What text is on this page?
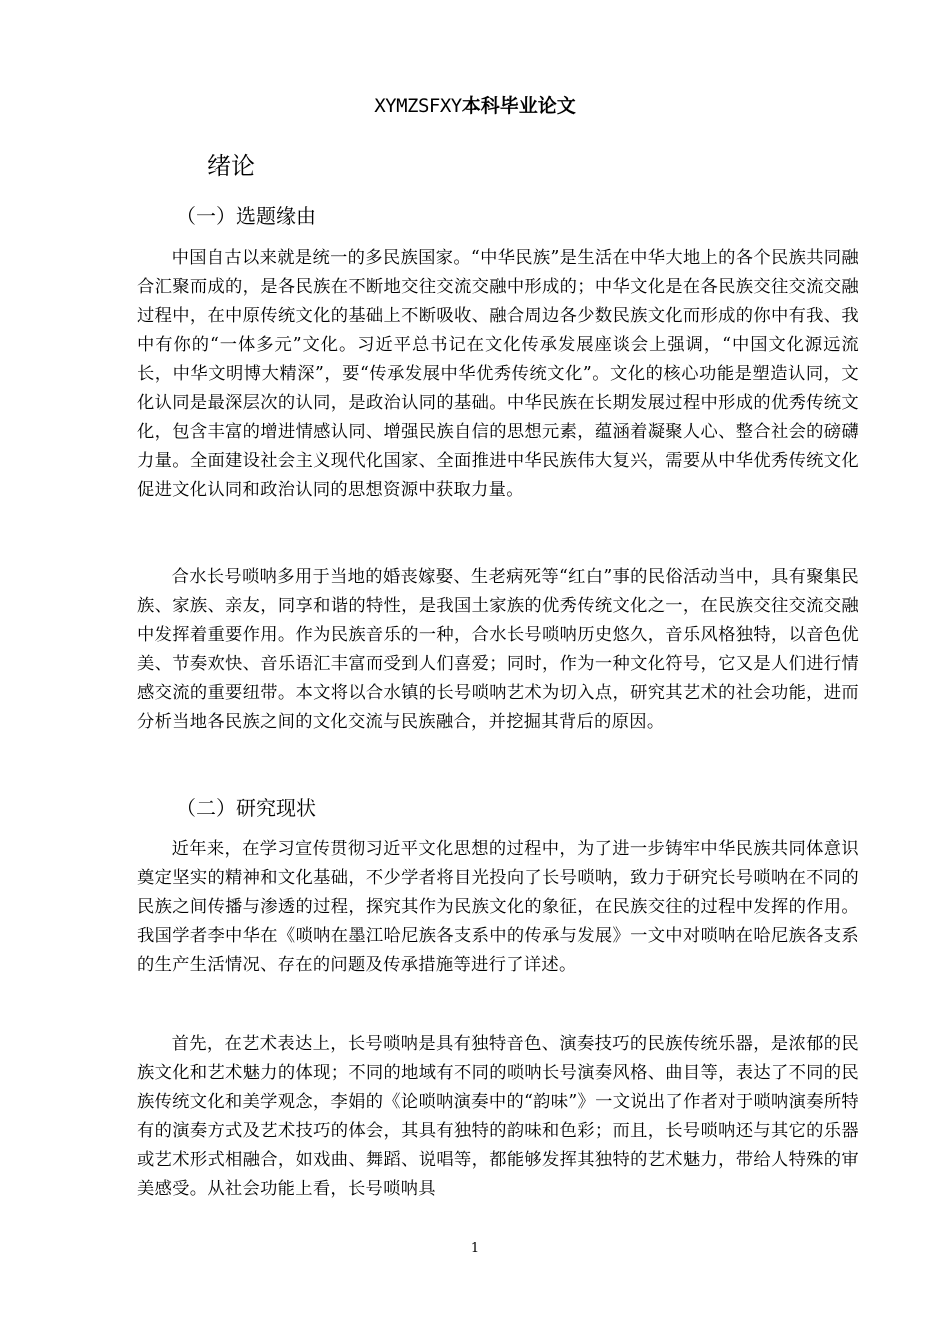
XYMZSFXY本科毕业论文
绪论
（一）选题缘由

中国自古以来就是统一的多民族国家。“中华民族”是生活在中华大地上的各个民族共同融合汇聚而成的，是各民族在不断地交往交流交融中形成的；中华文化是在各民族交往交流交融过程中，在中原传统文化的基础上不断吸收、融合周边各少数民族文化而形成的你中有我、我中有你的“一体多元”文化。习近平总书记在文化传承发展座谈会上强调，“中国文化源远流长，中华文明博大精深”，要“传承发展中华优秀传统文化”。文化的核心功能是塑造认同，文化认同是最深层次的认同，是政治认同的基础。中华民族在长期发展过程中形成的优秀传统文化，包含丰富的增进情感认同、增强民族自信的思想元素，蕴涵着凝聚人心、整合社会的磅礴力量。全面建设社会主义现代化国家、全面推进中华民族伟大复兴，需要从中华优秀传统文化促进文化认同和政治认同的思想资源中获取力量。

合水长号唢呐多用于当地的婚丧嫁娶、生老病死等“红白”事的民俗活动当中，具有聚集民族、家族、亲友，同享和谐的特性，是我国土家族的优秀传统文化之一，在民族交往交流交融中发挥着重要作用。作为民族音乐的一种，合水长号唢呐历史悠久，音乐风格独特，以音色优美、节奏欢快、音乐语汇丰富而受到人们喜爱；同时，作为一种文化符号，它又是人们进行情感交流的重要纽带。本文将以合水镇的长号唢呐艺术为切入点，研究其艺术的社会功能，进而分析当地各民族之间的文化交流与民族融合，并挖掘其背后的原因。

（二）研究现状

近年来，在学习宣传贯彻习近平文化思想的过程中，为了进一步铸牢中华民族共同体意识奠定坚实的精神和文化基础，不少学者将目光投向了长号唢呐，致力于研究长号唢呐在不同的民族之间传播与渗透的过程，探究其作为民族文化的象征，在民族交往的过程中发挥的作用。我国学者李中华在《唢呐在墨江哈尼族各支系中的传承与发展》一文中对唢呐在哈尼族各支系的生产生活情况、存在的问题及传承措施等进行了详述。

首先，在艺术表达上，长号唢呐是具有独特音色、演奏技巧的民族传统乐器，是浓郁的民族文化和艺术魅力的体现；不同的地域有不同的唢呐长号演奏风格、曲目等，表达了不同的民族传统文化和美学观念，李娟的《论唢呐演奏中的“韵味”》一文说出了作者对于唢呐演奏所特有的演奏方式及艺术技巧的体会，其具有独特的韵味和色彩；而且，长号唢呐还与其它的乐器或艺术形式相融合，如戏曲、舞蹈、说唱等，都能够发挥其独特的艺术魅力，带给人特殊的审美感受。从社会功能上看，长号唢呐具

1
